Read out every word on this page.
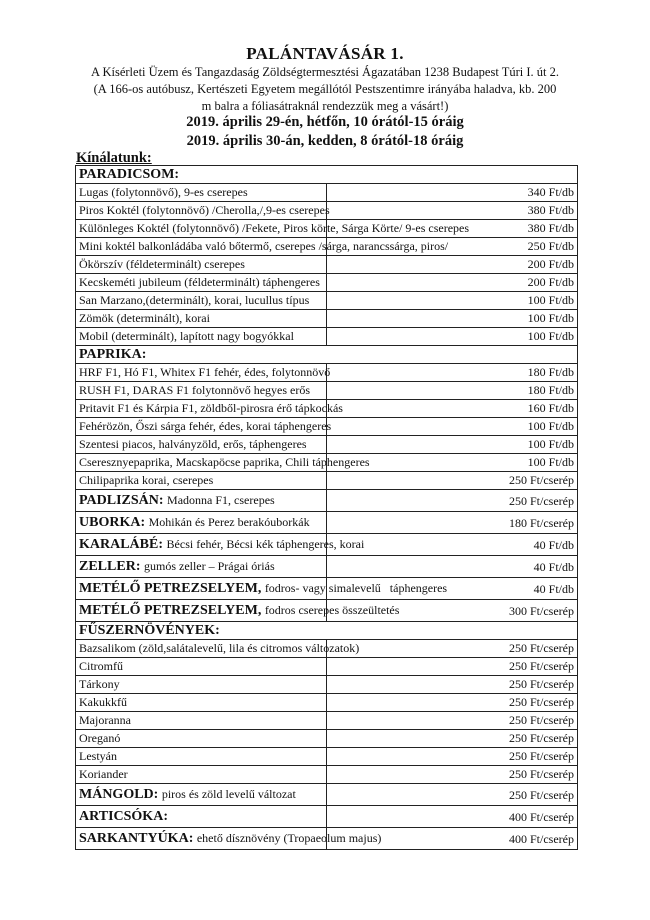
PALÁNTAVÁSÁR 1.
A Kísérleti Üzem és Tangazdaság Zöldségtermesztési Ágazatában 1238 Budapest Túri I. út 2.
(A 166-os autóbusz, Kertészeti Egyetem megállótól Pestszentimre irányába haladva, kb. 200
m balra a fóliasátraknál rendezzük meg a vásárt!)
2019. április 29-én, hétfőn, 10 órától-15 óráig
2019. április 30-án, kedden, 8 órától-18 óráig
Kínálatunk:
PARADICSOM:	
Lugas (folytonnövő), 9-es cserepes	340 Ft/db
Piros Koktél (folytonnövő) /Cherolla,/,9-es cserepes	380 Ft/db
Különleges Koktél (folytonnövő) /Fekete, Piros körte, Sárga Körte/ 9-es cserepes	380 Ft/db
Mini koktél balkonládába való bőtermő, cserepes /sárga, narancssárga, piros/	250 Ft/db
Ökörszív (féldeterminált) cserepes	200 Ft/db
Kecskeméti jubileum (féldeterminált) táphengeres	200 Ft/db
San Marzano,(determinált), korai, lucullus típus	100 Ft/db
Zömök (determinált), korai	100 Ft/db
Mobil (determinált), lapított nagy bogyókkal	100 Ft/db
PAPRIKA:	
HRF F1, Hó F1, Whitex F1 fehér, édes, folytonnövő	180 Ft/db
RUSH F1, DARAS F1 folytonnövő hegyes erős	180 Ft/db
Pritavit F1 és Kárpia F1, zöldből-pirosra érő tápkockás	160 Ft/db
Fehérözön, Őszi sárga fehér, édes, korai táphengeres	100 Ft/db
Szentesi piacos, halványzöld, erős, táphengeres	100 Ft/db
Cseresznyepaprika, Macskapöcse paprika, Chili táphengeres	100 Ft/db
Chilipaprika korai, cserepes	250 Ft/cserép
PADLIZSÁN: Madonna F1, cserepes	250 Ft/cserép
UBORKA: Mohikán és Perez berakóuborkák	180 Ft/cserép
KARALÁBÉ: Bécsi fehér, Bécsi kék táphengeres, korai	40 Ft/db
ZELLER: gumós zeller – Prágai óriás	40 Ft/db
METÉLŐ PETREZSELYEM, fodros- vagy simalevelű   táphengeres	40 Ft/db
METÉLŐ PETREZSELYEM, fodros cserepes összeültetés	300 Ft/cserép
FŰSZERNÖVÉNYEK:	
Bazsalikom (zöld,salátalevelű, lila és citromos változatok)	250 Ft/cserép
Citromfű	250 Ft/cserép
Tárkony	250 Ft/cserép
Kakukkfű	250 Ft/cserép
Majoranna	250 Ft/cserép
Oreganó	250 Ft/cserép
Lestyán	250 Ft/cserép
Koriander	250 Ft/cserép
MÁNGOLD: piros és zöld levelű változat	250 Ft/cserép
ARTICSÓKA:	400 Ft/cserép
SARKANTYÚKA: ehető dísznövény (Tropaeolum majus)	400 Ft/cserép
